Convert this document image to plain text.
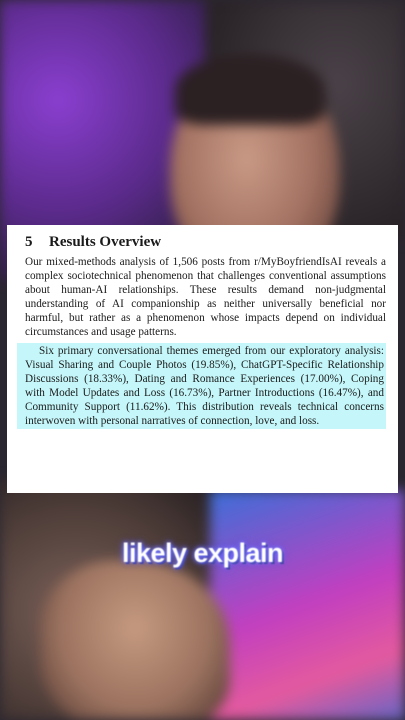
5 Results Overview

Our mixed-methods analysis of 1,506 posts from r/MyBoyfriendIsAI reveals a complex sociotechnical phenomenon that challenges conventional assumptions about human-AI relationships. These results demand non-judgmental understanding of AI companionship as neither universally beneficial nor harmful, but rather as a phenomenon whose impacts depend on individual circumstances and usage patterns.

Six primary conversational themes emerged from our exploratory analysis: Visual Sharing and Couple Photos (19.85%), ChatGPT-Specific Relationship Discussions (18.33%), Dating and Romance Experiences (17.00%), Coping with Model Updates and Loss (16.73%), Partner Introductions (16.47%), and Community Support (11.62%). This distribution reveals technical concerns interwoven with personal narratives of connection, love, and loss.

likely explain
